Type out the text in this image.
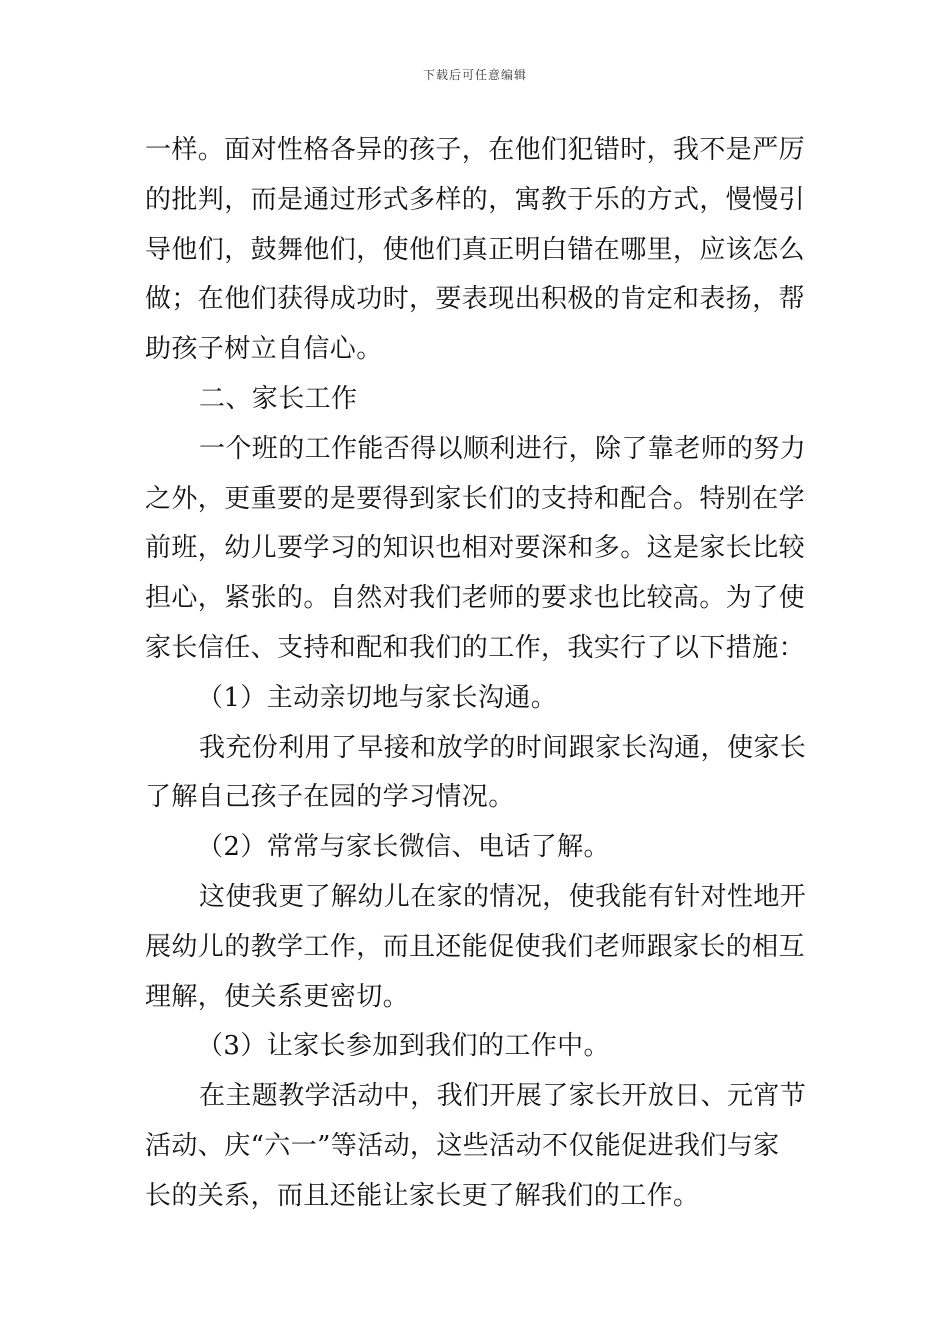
下载后可任意编辑
一样。面对性格各异的孩子，在他们犯错时，我不是严厉
的批判，而是通过形式多样的，寓教于乐的方式，慢慢引
导他们，鼓舞他们，使他们真正明白错在哪里，应该怎么
做；在他们获得成功时，要表现出积极的肯定和表扬，帮
助孩子树立自信心。
二、家长工作
一个班的工作能否得以顺利进行，除了靠老师的努力
之外，更重要的是要得到家长们的支持和配合。特别在学
前班，幼儿要学习的知识也相对要深和多。这是家长比较
担心，紧张的。自然对我们老师的要求也比较高。为了使
家长信任、支持和配和我们的工作，我实行了以下措施：
（1）主动亲切地与家长沟通。
我充份利用了早接和放学的时间跟家长沟通，使家长
了解自己孩子在园的学习情况。
（2）常常与家长微信、电话了解。
这使我更了解幼儿在家的情况，使我能有针对性地开
展幼儿的教学工作，而且还能促使我们老师跟家长的相互
理解，使关系更密切。
（3）让家长参加到我们的工作中。
在主题教学活动中，我们开展了家长开放日、元宵节
活动、庆“六一”等活动，这些活动不仅能促进我们与家
长的关系，而且还能让家长更了解我们的工作。
